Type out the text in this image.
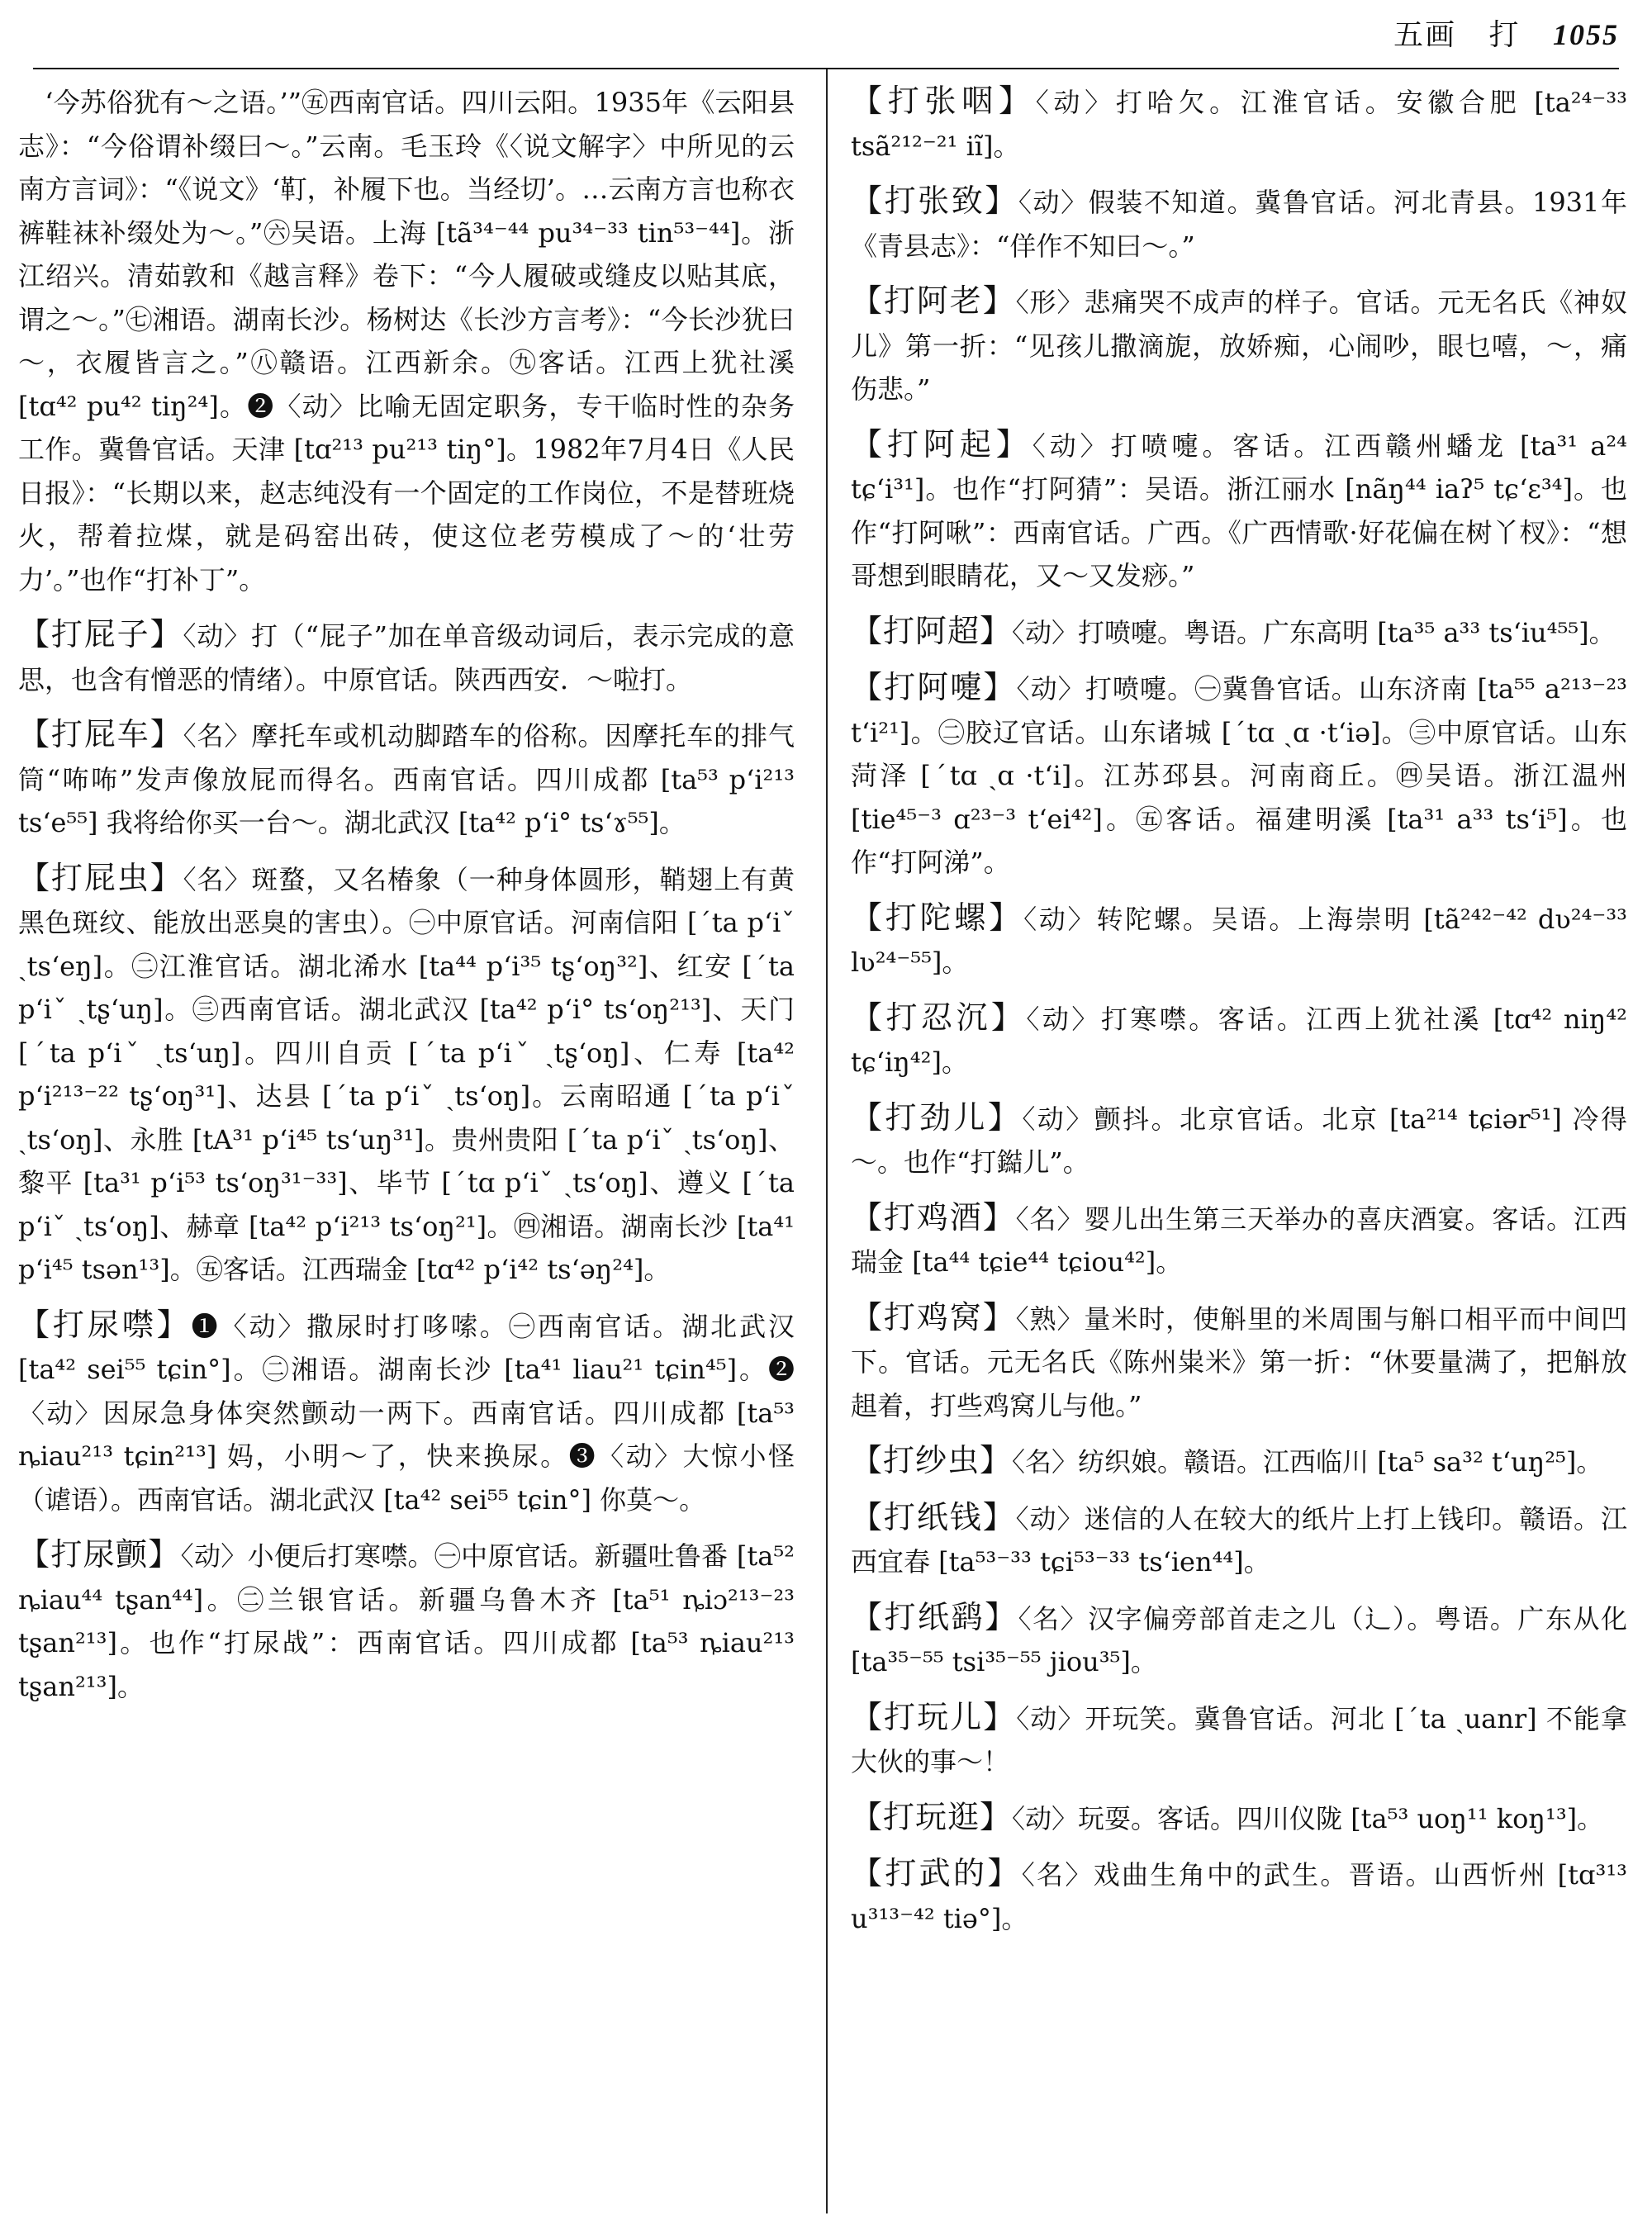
五画 打 1055

　‘今苏俗犹有～之语。’”㊄西南官话。四川云阳。1935年《云阳县志》：“今俗谓补缀曰～。”云南。毛玉玲《〈说文解字〉中所见的云南方言词》：“《说文》‘靪，补履下也。当经切’。…云南方言也称衣裤鞋袜补缀处为～。”㊅吴语。上海 [tã³⁴⁻⁴⁴ pu³⁴⁻³³ tin⁵³⁻⁴⁴]。浙江绍兴。清茹敦和《越言释》卷下：“今人履破或缝皮以贴其底，谓之～。”㊆湘语。湖南长沙。杨树达《长沙方言考》：“今长沙犹曰～，衣履皆言之。”㊇赣语。江西新余。㊈客话。江西上犹社溪 [tɑ⁴² pu⁴² tiŋ²⁴]。❷〈动〉比喻无固定职务，专干临时性的杂务工作。冀鲁官话。天津 [tɑ²¹³ pu²¹³ tiŋ°]。1982年7月4日《人民日报》：“长期以来，赵志纯没有一个固定的工作岗位，不是替班烧火，帮着拉煤，就是码窑出砖，使这位老劳模成了～的‘壮劳力’。”也作“打补丁”。

【打屁子】〈动〉打（“屁子”加在单音级动词后，表示完成的意思，也含有憎恶的情绪）。中原官话。陕西西安．～啦打。

【打屁车】〈名〉摩托车或机动脚踏车的俗称。因摩托车的排气筒“咘咘”发声像放屁而得名。西南官话。四川成都 [ta⁵³ p‘i²¹³ ts‘e⁵⁵] 我将给你买一台～。湖北武汉 [ta⁴² p‘i° ts‘ɤ⁵⁵]。

【打屁虫】〈名〉斑蝥，又名椿象（一种身体圆形，鞘翅上有黄黑色斑纹、能放出恶臭的害虫）。㊀中原官话。河南信阳 [ˊta p‘iˇ ˏts‘eŋ]。㊁江淮官话。湖北浠水 [ta⁴⁴ p‘i³⁵ tʂ‘oŋ³²]、红安 [ˊta p‘iˇ ˏtʂ‘uŋ]。㊂西南官话。湖北武汉 [ta⁴² p‘i° ts‘oŋ²¹³]、天门 [ˊta p‘iˇ ˏts‘uŋ]。四川自贡 [ˊta p‘iˇ ˏtʂ‘oŋ]、仁寿 [ta⁴² p‘i²¹³⁻²² tʂ‘oŋ³¹]、达县 [ˊta p‘iˇ ˏts‘oŋ]。云南昭通 [ˊta p‘iˇ ˏts‘oŋ]、永胜 [tA³¹ p‘i⁴⁵ ts‘uŋ³¹]。贵州贵阳 [ˊta p‘iˇ ˏts‘oŋ]、黎平 [ta³¹ p‘i⁵³ ts‘oŋ³¹⁻³³]、毕节 [ˊtɑ p‘iˇ ˏts‘oŋ]、遵义 [ˊta p‘iˇ ˏts‘oŋ]、赫章 [ta⁴² p‘i²¹³ ts‘oŋ²¹]。㊃湘语。湖南长沙 [ta⁴¹ p‘i⁴⁵ tsən¹³]。㊄客话。江西瑞金 [tɑ⁴² p‘i⁴² ts‘əŋ²⁴]。

【打尿噤】❶〈动〉撒尿时打哆嗦。㊀西南官话。湖北武汉 [ta⁴² sei⁵⁵ tɕin°]。㊁湘语。湖南长沙 [ta⁴¹ liau²¹ tɕin⁴⁵]。❷〈动〉因尿急身体突然颤动一两下。西南官话。四川成都 [ta⁵³ ȵiau²¹³ tɕin²¹³] 妈，小明～了，快来换尿。❸〈动〉大惊小怪（谑语）。西南官话。湖北武汉 [ta⁴² sei⁵⁵ tɕin°] 你莫～。

【打尿颤】〈动〉小便后打寒噤。㊀中原官话。新疆吐鲁番 [ta⁵² ȵiau⁴⁴ tʂan⁴⁴]。㊁兰银官话。新疆乌鲁木齐 [ta⁵¹ ȵiɔ²¹³⁻²³ tʂan²¹³]。也作“打尿战”：西南官话。四川成都 [ta⁵³ ȵiau²¹³ tʂan²¹³]。

【打张咽】〈动〉打哈欠。江淮官话。安徽合肥 [ta²⁴⁻³³ tsã²¹²⁻²¹ iĩ]。

【打张致】〈动〉假装不知道。冀鲁官话。河北青县。1931年《青县志》：“佯作不知曰～。”

【打阿老】〈形〉悲痛哭不成声的样子。官话。元无名氏《神奴儿》第一折：“见孩儿撒滴旎，放娇痴，心闹吵，眼乜嘻，～，痛伤悲。”

【打阿起】〈动〉打喷嚏。客话。江西赣州蟠龙 [ta³¹ a²⁴ tɕ‘i³¹]。也作“打阿猜”：吴语。浙江丽水 [nãŋ⁴⁴ iaʔ⁵ tɕ‘ɛ³⁴]。也作“打阿啾”：西南官话。广西。《广西情歌·好花偏在树丫杈》：“想哥想到眼睛花，又～又发痧。”

【打阿超】〈动〉打喷嚏。粤语。广东高明 [ta³⁵ a³³ ts‘iu⁴⁵⁵]。

【打阿嚏】〈动〉打喷嚏。㊀冀鲁官话。山东济南 [ta⁵⁵ a²¹³⁻²³ t‘i²¹]。㊁胶辽官话。山东诸城 [ˊtɑ ˏɑ ·t‘iə]。㊂中原官话。山东菏泽 [ˊtɑ ˏɑ ·t‘i]。江苏邳县。河南商丘。㊃吴语。浙江温州 [tie⁴⁵⁻³ ɑ²³⁻³ t‘ei⁴²]。㊄客话。福建明溪 [ta³¹ a³³ ts‘i⁵]。也作“打阿涕”。

【打陀螺】〈动〉转陀螺。吴语。上海崇明 [tã²⁴²⁻⁴² dʋ²⁴⁻³³ lʋ²⁴⁻⁵⁵]。

【打忍沉】〈动〉打寒噤。客话。江西上犹社溪 [tɑ⁴² niŋ⁴² tɕ‘iŋ⁴²]。

【打劲儿】〈动〉颤抖。北京官话。北京 [ta²¹⁴ tɕiər⁵¹] 冷得～。也作“打鐑儿”。

【打鸡酒】〈名〉婴儿出生第三天举办的喜庆酒宴。客话。江西瑞金 [ta⁴⁴ tɕie⁴⁴ tɕiou⁴²]。

【打鸡窝】〈熟〉量米时，使斛里的米周围与斛口相平而中间凹下。官话。元无名氏《陈州粜米》第一折：“休要量满了，把斛放趄着，打些鸡窝儿与他。”

【打纱虫】〈名〉纺织娘。赣语。江西临川 [ta⁵ sa³² t‘uŋ²⁵]。

【打纸钱】〈动〉迷信的人在较大的纸片上打上钱印。赣语。江西宜春 [ta⁵³⁻³³ tɕi⁵³⁻³³ ts‘ien⁴⁴]。

【打纸鹞】〈名〉汉字偏旁部首走之儿（辶）。粤语。广东从化 [ta³⁵⁻⁵⁵ tsi³⁵⁻⁵⁵ jiou³⁵]。

【打玩儿】〈动〉开玩笑。冀鲁官话。河北 [ˊta ˏuanr] 不能拿大伙的事～！

【打玩逛】〈动〉玩耍。客话。四川仪陇 [ta⁵³ uoŋ¹¹ koŋ¹³]。

【打武的】〈名〉戏曲生角中的武生。晋语。山西忻州 [tɑ³¹³ u³¹³⁻⁴² tiə°]。
